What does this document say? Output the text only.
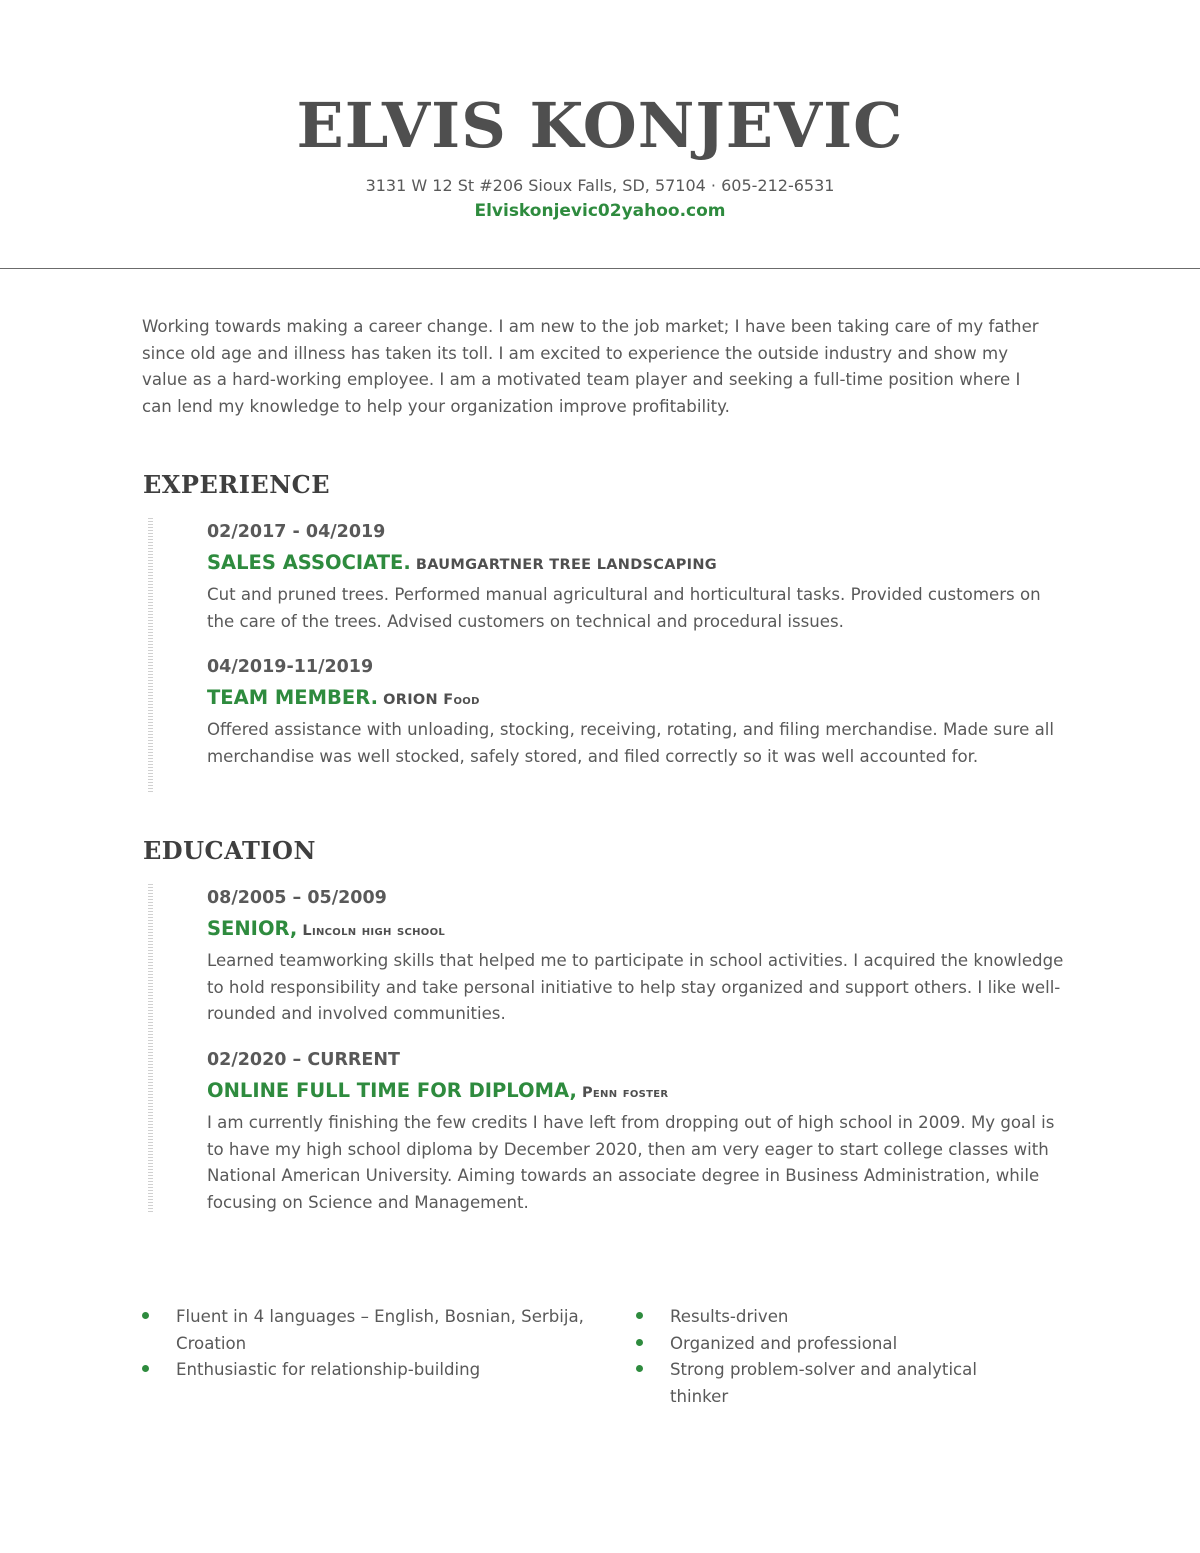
ELVIS KONJEVIC
3131 W 12 St #206 Sioux Falls, SD, 57104 · 605-212-6531
Elviskonjevic02yahoo.com

Working towards making a career change. I am new to the job market; I have been taking care of my father since old age and illness has taken its toll. I am excited to experience the outside industry and show my value as a hard-working employee. I am a motivated team player and seeking a full-time position where I can lend my knowledge to help your organization improve profitability.

EXPERIENCE
02/2017 - 04/2019
SALES ASSOCIATE. BAUMGARTNER TREE LANDSCAPING
Cut and pruned trees. Performed manual agricultural and horticultural tasks. Provided customers on the care of the trees. Advised customers on technical and procedural issues.
04/2019-11/2019
TEAM MEMBER. ORION Food
Offered assistance with unloading, stocking, receiving, rotating, and filing merchandise. Made sure all merchandise was well stocked, safely stored, and filed correctly so it was well accounted for.
EDUCATION
08/2005 – 05/2009
SENIOR, Lincoln high school
Learned teamworking skills that helped me to participate in school activities. I acquired the knowledge to hold responsibility and take personal initiative to help stay organized and support others. I like well-rounded and involved communities.
02/2020 – CURRENT
ONLINE FULL TIME FOR DIPLOMA, Penn foster
I am currently finishing the few credits I have left from dropping out of high school in 2009. My goal is to have my high school diploma by December 2020, then am very eager to start college classes with National American University. Aiming towards an associate degree in Business Administration, while focusing on Science and Management.
Fluent in 4 languages – English, Bosnian, Serbija, Croation
Enthusiastic for relationship-building
Results-driven
Organized and professional
Strong problem-solver and analytical thinker
